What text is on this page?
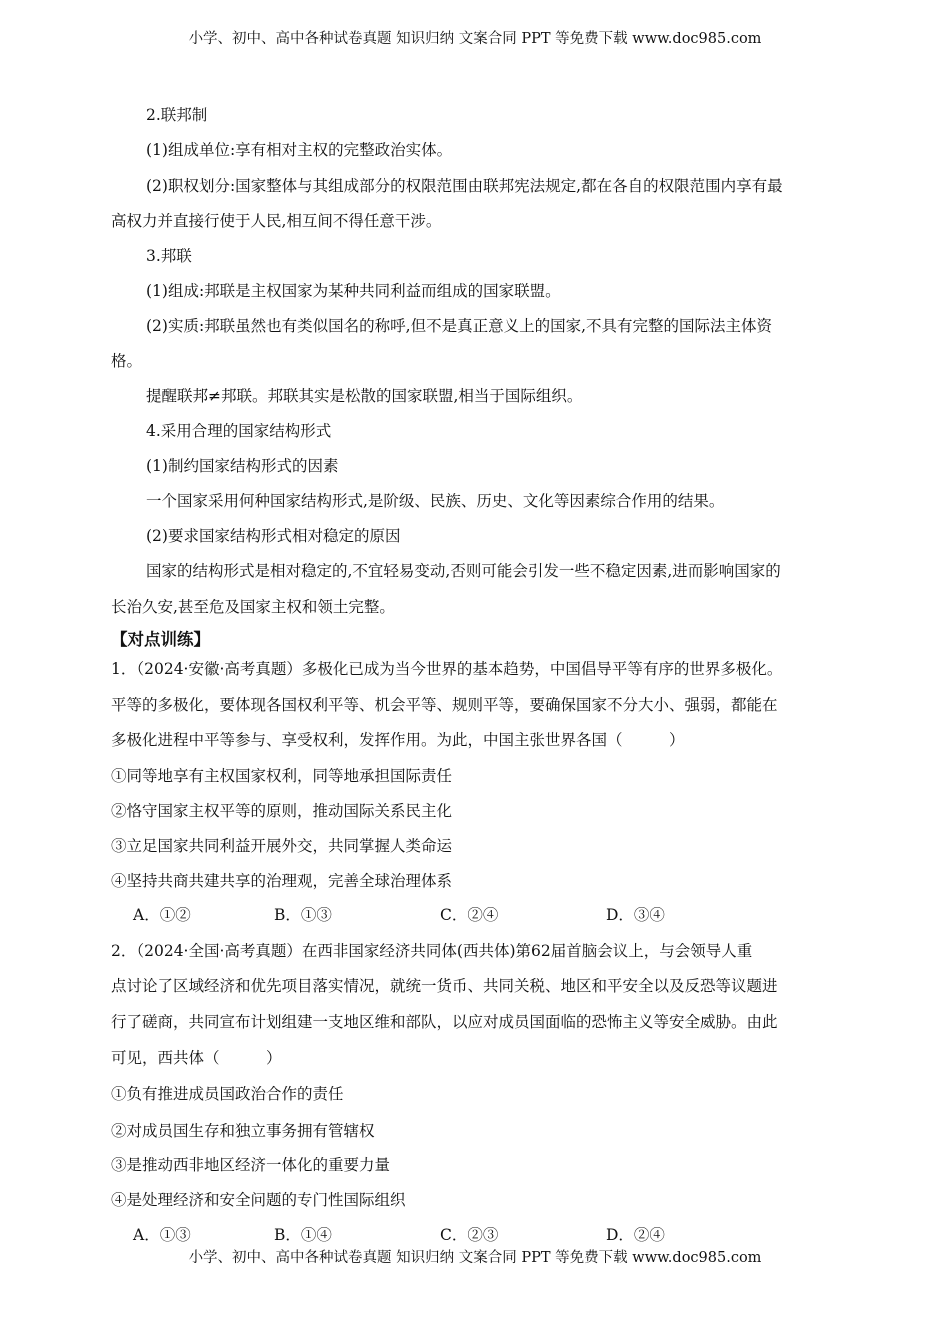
小学、初中、高中各种试卷真题 知识归纳 文案合同 PPT 等免费下载 www.doc985.com
2.联邦制
(1)组成单位:享有相对主权的完整政治实体。
(2)职权划分:国家整体与其组成部分的权限范围由联邦宪法规定,都在各自的权限范围内享有最
高权力并直接行使于人民,相互间不得任意干涉。
3.邦联
(1)组成:邦联是主权国家为某种共同利益而组成的国家联盟。
(2)实质:邦联虽然也有类似国名的称呼,但不是真正意义上的国家,不具有完整的国际法主体资
格。
提醒联邦≠邦联。邦联其实是松散的国家联盟,相当于国际组织。
4.采用合理的国家结构形式
(1)制约国家结构形式的因素
一个国家采用何种国家结构形式,是阶级、民族、历史、文化等因素综合作用的结果。
(2)要求国家结构形式相对稳定的原因
国家的结构形式是相对稳定的,不宜轻易变动,否则可能会引发一些不稳定因素,进而影响国家的
长治久安,甚至危及国家主权和领土完整。
【对点训练】
1．（2024·安徽·高考真题）多极化已成为当今世界的基本趋势，中国倡导平等有序的世界多极化。
平等的多极化，要体现各国权利平等、机会平等、规则平等，要确保国家不分大小、强弱，都能在
多极化进程中平等参与、享受权利，发挥作用。为此，中国主张世界各国（　　　）
①同等地享有主权国家权利，同等地承担国际责任
②恪守国家主权平等的原则，推动国际关系民主化
③立足国家共同利益开展外交，共同掌握人类命运
④坚持共商共建共享的治理观，完善全球治理体系
A．①②	B．①③	C．②④	D．③④
2．（2024·全国·高考真题）在西非国家经济共同体(西共体)第62届首脑会议上，与会领导人重
点讨论了区域经济和优先项目落实情况，就统一货币、共同关税、地区和平安全以及反恐等议题进
行了磋商，共同宣布计划组建一支地区维和部队，以应对成员国面临的恐怖主义等安全威胁。由此
可见，西共体（　　　）
①负有推进成员国政治合作的责任
②对成员国生存和独立事务拥有管辖权
③是推动西非地区经济一体化的重要力量
④是处理经济和安全问题的专门性国际组织
A．①③	B．①④	C．②③	D．②④
小学、初中、高中各种试卷真题 知识归纳 文案合同 PPT 等免费下载 www.doc985.com
